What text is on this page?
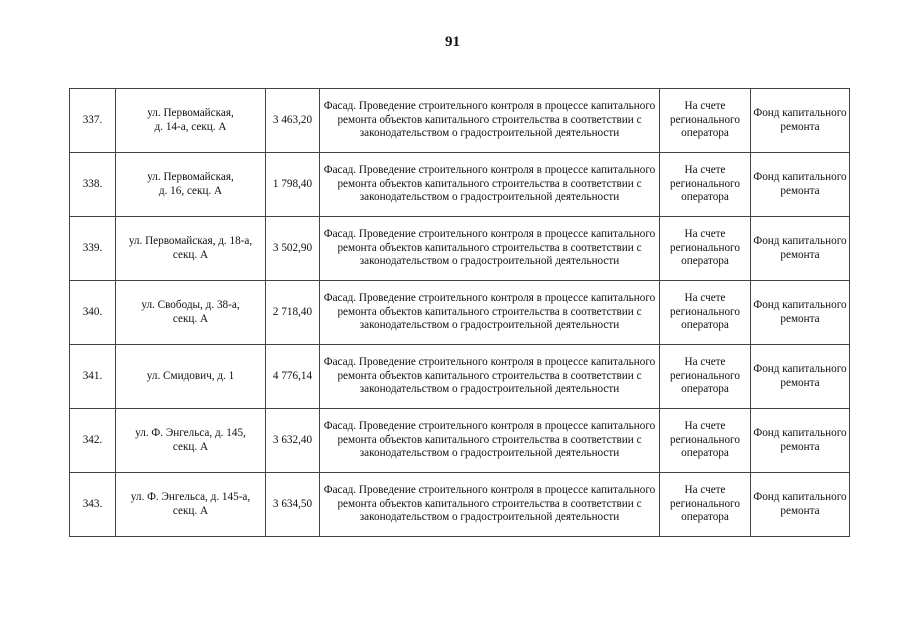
91
337.	ул. Первомайская,
д. 14-а, секц. А	3 463,20	Фасад. Проведение строительного контроля в процессе капитального ремонта объектов капитального строительства в соответствии с законодательством о градостроительной деятельности	На счете регионального оператора	Фонд капитального ремонта
338.	ул. Первомайская,
д. 16, секц. А	1 798,40	Фасад. Проведение строительного контроля в процессе капитального ремонта объектов капитального строительства в соответствии с законодательством о градостроительной деятельности	На счете регионального оператора	Фонд капитального ремонта
339.	ул. Первомайская, д. 18-а,
секц. А	3 502,90	Фасад. Проведение строительного контроля в процессе капитального ремонта объектов капитального строительства в соответствии с законодательством о градостроительной деятельности	На счете регионального оператора	Фонд капитального ремонта
340.	ул. Свободы, д. 38-а,
секц. А	2 718,40	Фасад. Проведение строительного контроля в процессе капитального ремонта объектов капитального строительства в соответствии с законодательством о градостроительной деятельности	На счете регионального оператора	Фонд капитального ремонта
341.	ул. Смидович, д. 1	4 776,14	Фасад. Проведение строительного контроля в процессе капитального ремонта объектов капитального строительства в соответствии с законодательством о градостроительной деятельности	На счете регионального оператора	Фонд капитального ремонта
342.	ул. Ф. Энгельса, д. 145,
секц. А	3 632,40	Фасад. Проведение строительного контроля в процессе капитального ремонта объектов капитального строительства в соответствии с законодательством о градостроительной деятельности	На счете регионального оператора	Фонд капитального ремонта
343.	ул. Ф. Энгельса, д. 145-а,
секц. А	3 634,50	Фасад. Проведение строительного контроля в процессе капитального ремонта объектов капитального строительства в соответствии с законодательством о градостроительной деятельности	На счете регионального оператора	Фонд капитального ремонта
